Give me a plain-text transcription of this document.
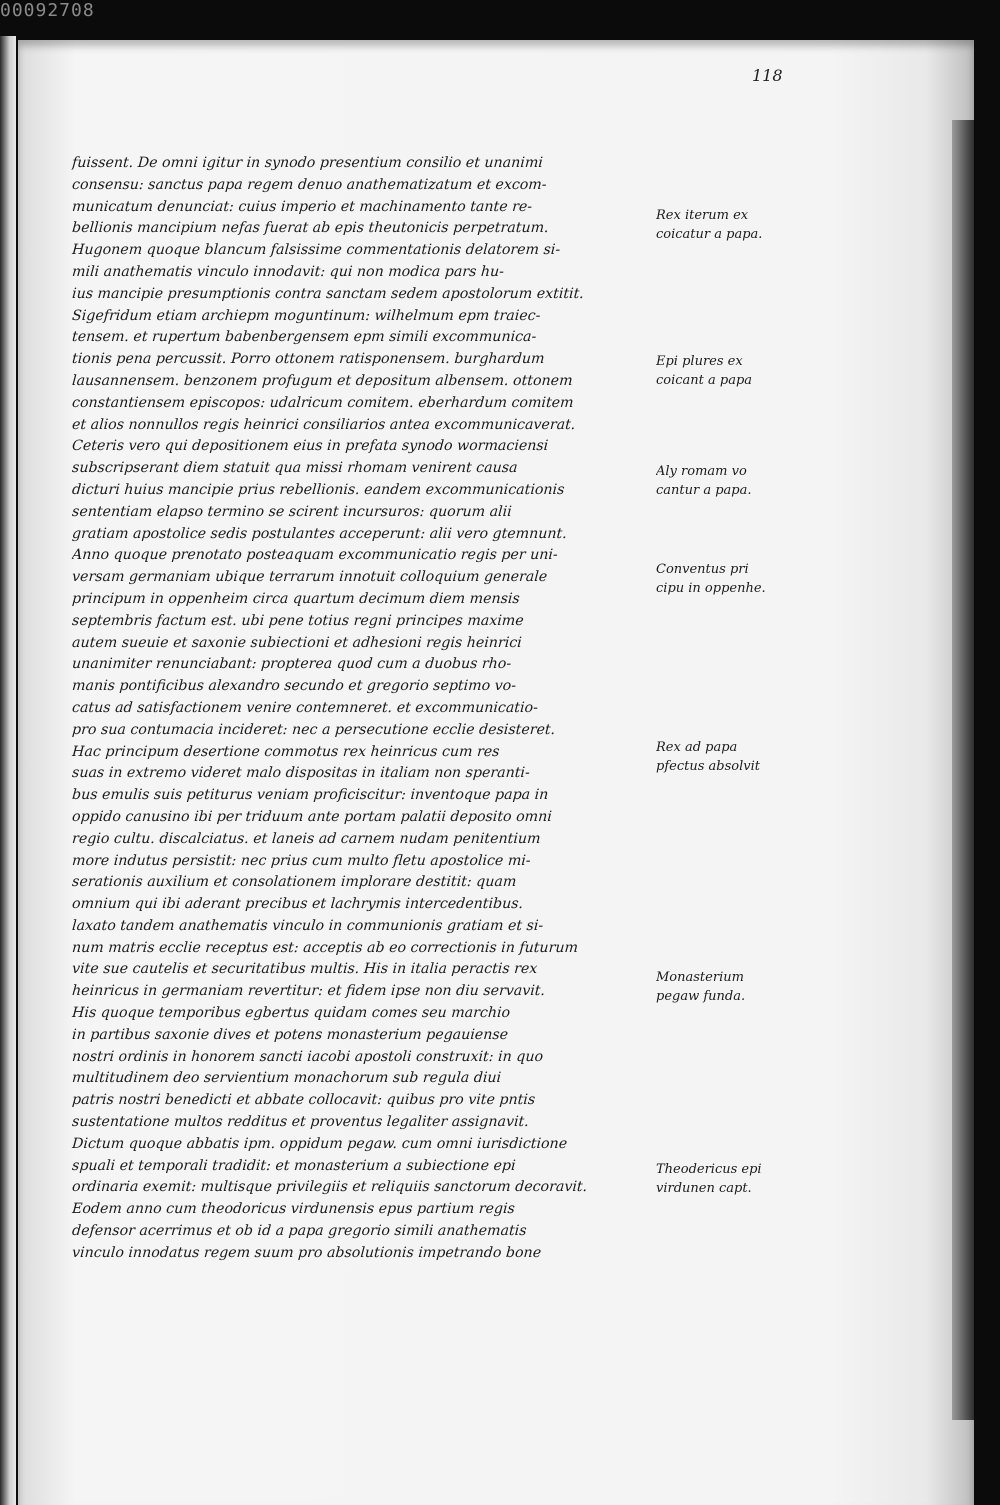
00092708
118
fuissent. De omni igitur in synodo presentium consilio et unanimi
consensu: sanctus papa regem denuo anathematizatum et excom-
municatum denunciat: cuius imperio et machinamento tante re-
bellionis mancipium nefas fuerat ab epis theutonicis perpetratum.
Hugonem quoque blancum falsissime commentationis delatorem si-
mili anathematis vinculo innodavit: qui non modica pars hu-
ius mancipie presumptionis contra sanctam sedem apostolorum extitit.
Sigefridum etiam archiepm moguntinum: wilhelmum epm traiec-
tensem. et rupertum babenbergensem epm simili excommunica-
tionis pena percussit. Porro ottonem ratisponensem. burghardum
lausannensem. benzonem profugum et depositum albensem. ottonem
constantiensem episcopos: udalricum comitem. eberhardum comitem
et alios nonnullos regis heinrici consiliarios antea excommunicaverat.
Ceteris vero qui depositionem eius in prefata synodo wormaciensi
subscripserant diem statuit qua missi rhomam venirent causa
dicturi huius mancipie prius rebellionis. eandem excommunicationis
sententiam elapso termino se scirent incursuros: quorum alii
gratiam apostolice sedis postulantes acceperunt: alii vero gtemnunt.
Anno quoque prenotato posteaquam excommunicatio regis per uni-
versam germaniam ubique terrarum innotuit colloquium generale
principum in oppenheim circa quartum decimum diem mensis
septembris factum est. ubi pene totius regni principes maxime
autem sueuie et saxonie subiectioni et adhesioni regis heinrici
unanimiter renunciabant: propterea quod cum a duobus rho-
manis pontificibus alexandro secundo et gregorio septimo vo-
catus ad satisfactionem venire contemneret. et excommunicatio-
pro sua contumacia incideret: nec a persecutione ecclie desisteret.
Hac principum desertione commotus rex heinricus cum res
suas in extremo videret malo dispositas in italiam non speranti-
bus emulis suis petiturus veniam proficiscitur: inventoque papa in
oppido canusino ibi per triduum ante portam palatii deposito omni
regio cultu. discalciatus. et laneis ad carnem nudam penitentium
more indutus persistit: nec prius cum multo fletu apostolice mi-
serationis auxilium et consolationem implorare destitit: quam
omnium qui ibi aderant precibus et lachrymis intercedentibus.
laxato tandem anathematis vinculo in communionis gratiam et si-
num matris ecclie receptus est: acceptis ab eo correctionis in futurum
vite sue cautelis et securitatibus multis. His in italia peractis rex
heinricus in germaniam revertitur: et fidem ipse non diu servavit.
His quoque temporibus egbertus quidam comes seu marchio
in partibus saxonie dives et potens monasterium pegauiense
nostri ordinis in honorem sancti iacobi apostoli construxit: in quo
multitudinem deo servientium monachorum sub regula diui
patris nostri benedicti et abbate collocavit: quibus pro vite pntis
sustentatione multos redditus et proventus legaliter assignavit.
Dictum quoque abbatis ipm. oppidum pegaw. cum omni iurisdictione
spuali et temporali tradidit: et monasterium a subiectione epi
ordinaria exemit: multisque privilegiis et reliquiis sanctorum decoravit.
Eodem anno cum theodoricus virdunensis epus partium regis
defensor acerrimus et ob id a papa gregorio simili anathematis
vinculo innodatus regem suum pro absolutionis impetrando bone
Rex iterum ex
coicatur a papa.
Epi plures ex
coicant a papa
Aly romam vo
cantur a papa.
Conventus pri
cipu in oppenhe.
Rex ad papa
pfectus absolvit
Monasterium
pegaw funda.
Theodericus epi
virdunen capt.
